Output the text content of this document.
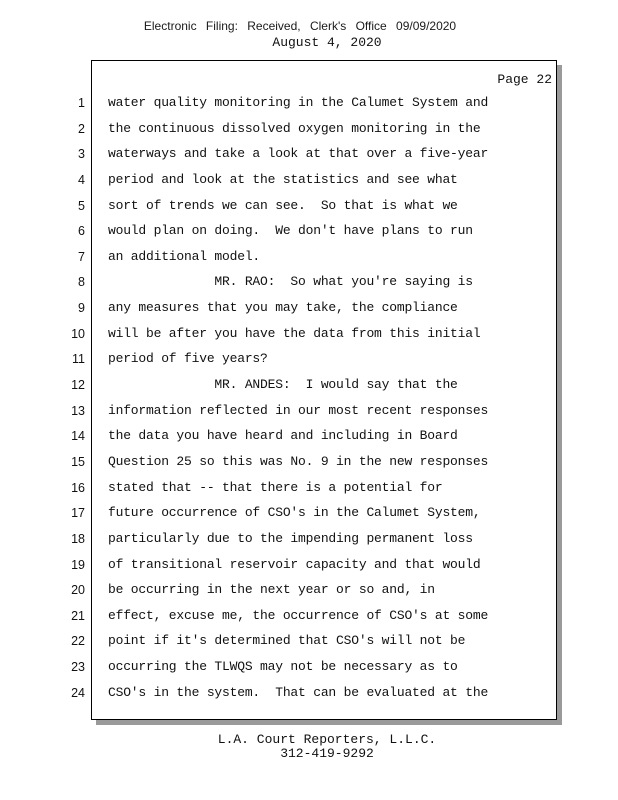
Electronic Filing: Received, Clerk's Office 09/09/2020
August 4, 2020
Page 22
1
2
3
4
5
6
7
8
9
10
11
12
13
14
15
16
17
18
19
20
21
22
23
24
water quality monitoring in the Calumet System and
the continuous dissolved oxygen monitoring in the
waterways and take a look at that over a five-year
period and look at the statistics and see what
sort of trends we can see.  So that is what we
would plan on doing.  We don't have plans to run
an additional model.
MR. RAO:  So what you're saying is
any measures that you may take, the compliance
will be after you have the data from this initial
period of five years?
MR. ANDES:  I would say that the
information reflected in our most recent responses
the data you have heard and including in Board
Question 25 so this was No. 9 in the new responses
stated that -- that there is a potential for
future occurrence of CSO's in the Calumet System,
particularly due to the impending permanent loss
of transitional reservoir capacity and that would
be occurring in the next year or so and, in
effect, excuse me, the occurrence of CSO's at some
point if it's determined that CSO's will not be
occurring the TLWQS may not be necessary as to
CSO's in the system.  That can be evaluated at the
L.A. Court Reporters, L.L.C.
312-419-9292
